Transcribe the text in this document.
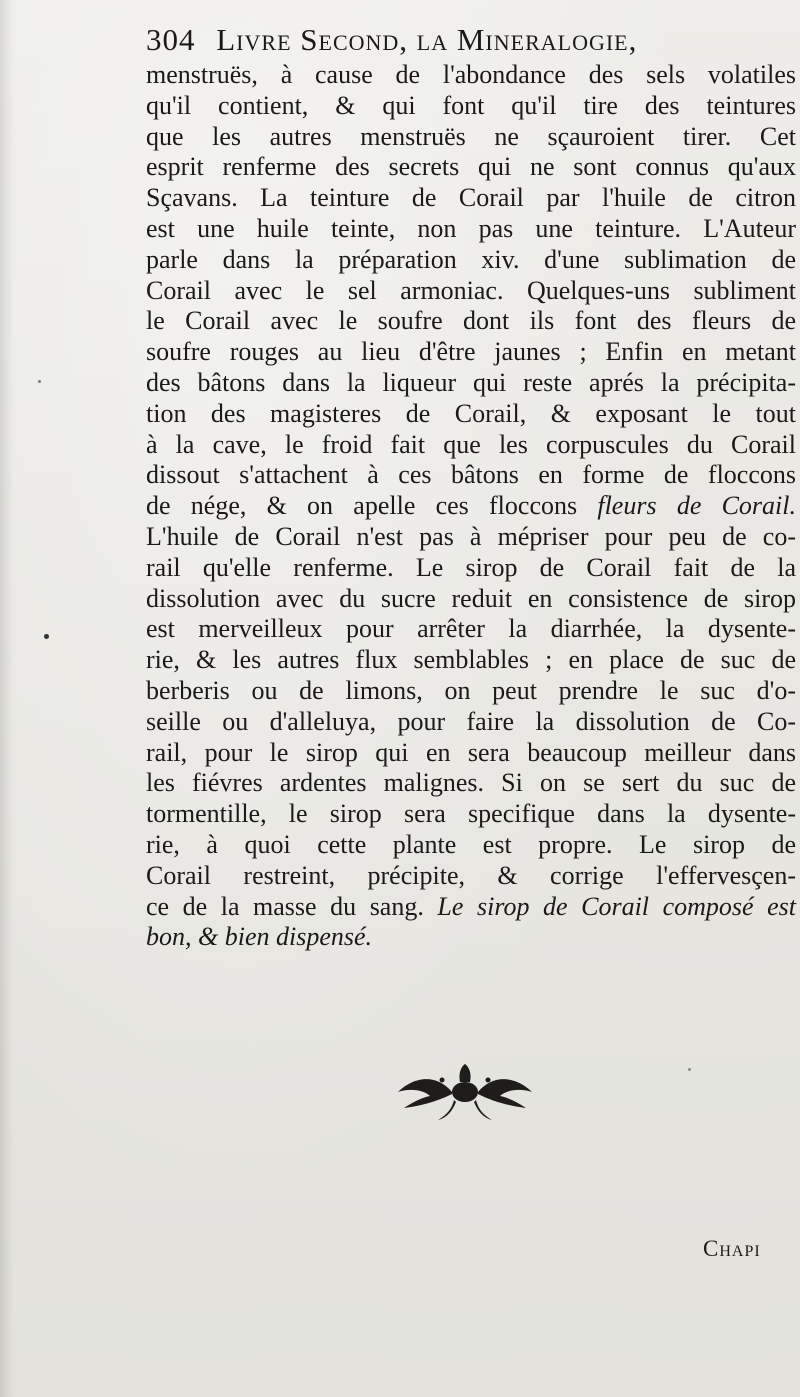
304 Livre Second, la Mineralogie,
menstruës, à cause de l'abondance des sels volatiles
qu'il contient, & qui font qu'il tire des teintures
que les autres menstruës ne sçauroient tirer. Cet
esprit renferme des secrets qui ne sont connus qu'aux
Sçavans. La teinture de Corail par l'huile de citron
est une huile teinte, non pas une teinture. L'Auteur
parle dans la préparation xiv. d'une sublimation de
Corail avec le sel armoniac. Quelques-uns subliment
le Corail avec le soufre dont ils font des fleurs de
soufre rouges au lieu d'être jaunes ; Enfin en metant
des bâtons dans la liqueur qui reste aprés la précipita-
tion des magisteres de Corail, & exposant le tout
à la cave, le froid fait que les corpuscules du Corail
dissout s'attachent à ces bâtons en forme de floccons
de nége, & on apelle ces floccons fleurs de Corail.
L'huile de Corail n'est pas à mépriser pour peu de co-
rail qu'elle renferme. Le sirop de Corail fait de la
dissolution avec du sucre reduit en consistence de sirop
est merveilleux pour arrêter la diarrhée, la dysente-
rie, & les autres flux semblables ; en place de suc de
berberis ou de limons, on peut prendre le suc d'o-
seille ou d'alleluya, pour faire la dissolution de Co-
rail, pour le sirop qui en sera beaucoup meilleur dans
les fiévres ardentes malignes. Si on se sert du suc de
tormentille, le sirop sera specifique dans la dysente-
rie, à quoi cette plante est propre. Le sirop de
Corail restreint, précipite, & corrige l'effervesçen-
ce de la masse du sang. Le sirop de Corail composé est
bon, & bien dispensé.
Chapi
